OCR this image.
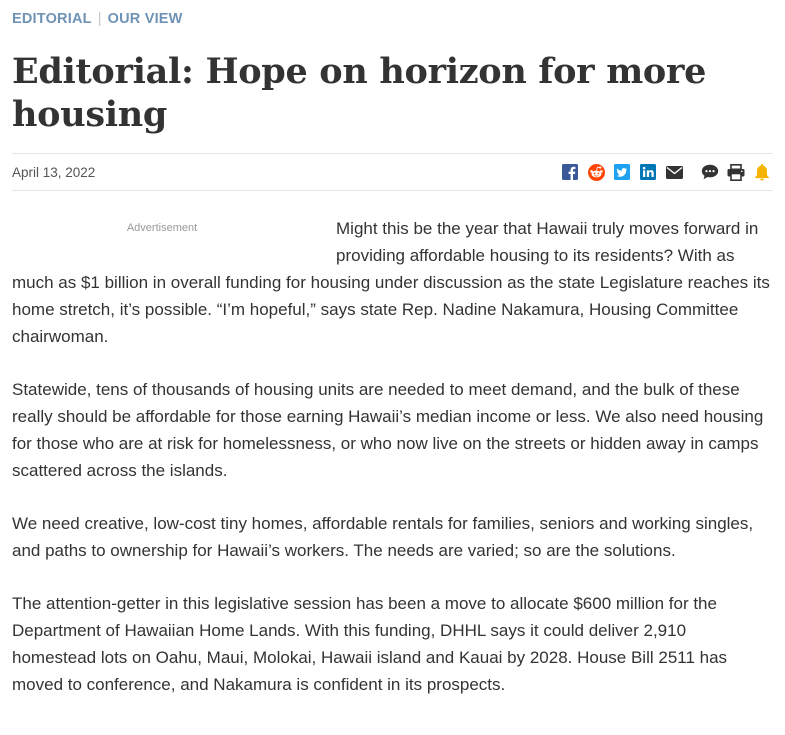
EDITORIAL | OUR VIEW
Editorial: Hope on horizon for more housing
April 13, 2022
Advertisement	Might this be the year that Hawaii truly moves forward in providing affordable housing to its residents? With as much as $1 billion in overall funding for housing under discussion as the state Legislature reaches its home stretch, it’s possible. “I’m hopeful,” says state Rep. Nadine Nakamura, Housing Committee chairwoman.

Statewide, tens of thousands of housing units are needed to meet demand, and the bulk of these really should be affordable for those earning Hawaii’s median income or less. We also need housing for those who are at risk for homelessness, or who now live on the streets or hidden away in camps scattered across the islands.

We need creative, low-cost tiny homes, affordable rentals for families, seniors and working singles, and paths to ownership for Hawaii’s workers. The needs are varied; so are the solutions.

The attention-getter in this legislative session has been a move to allocate $600 million for the Department of Hawaiian Home Lands. With this funding, DHHL says it could deliver 2,910 homestead lots on Oahu, Maui, Molokai, Hawaii island and Kauai by 2028. House Bill 2511 has moved to conference, and Nakamura is confident in its prospects.
